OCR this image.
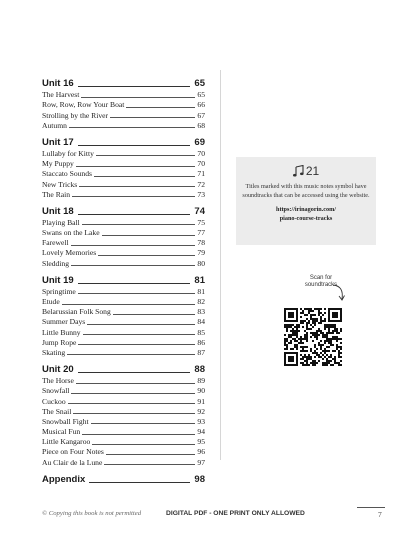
Unit 16	65
The Harvest	65
Row, Row, Row Your Boat	66
Strolling by the River	67
Autumn	68
Unit 17	69
Lullaby for Kitty	70
My Puppy	70
Staccato Sounds	71
New Tricks	72
The Rain	73
Unit 18	74
Playing Ball	75
Swans on the Lake	77
Farewell	78
Lovely Memories	79
Sledding	80
Unit 19	81
Springtime	81
Etude	82
Belarussian Folk Song	83
Summer Days	84
Little Bunny	85
Jump Rope	86
Skating	87
Unit 20	88
The Horse	89
Snowfall	90
Cuckoo	91
The Snail	92
Snowball Fight	93
Musical Fun	94
Little Kangaroo	95
Piece on Four Notes	96
Au Clair de la Lune	97
Appendix	98
21
Titles marked with this music notes symbol have soundtracks that can be accessed using the website.
https://irinagorin.com/
piano-course-tracks
Scan for soundtracks
© Copying this book is not permitted	DIGITAL PDF - ONE PRINT ONLY ALLOWED	7
